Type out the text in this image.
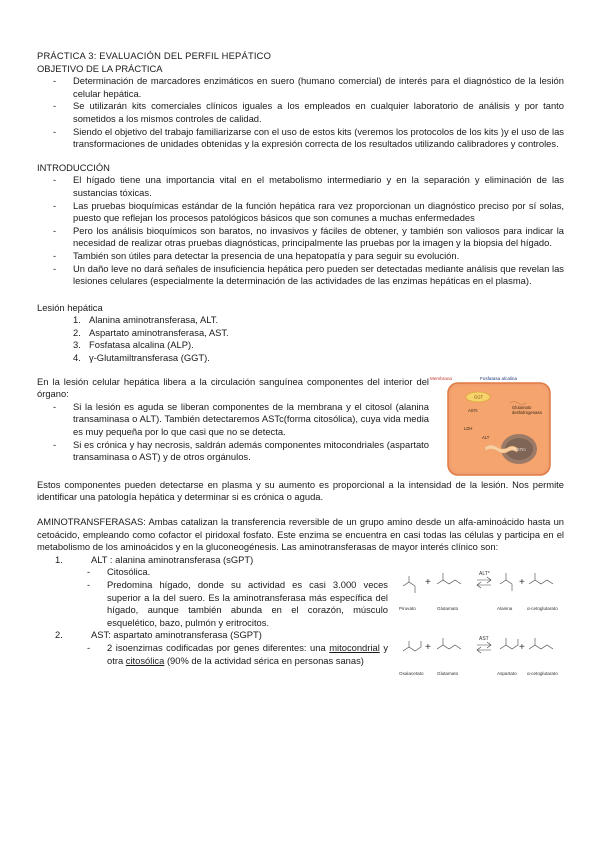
PRÁCTICA 3: EVALUACIÓN DEL PERFIL HEPÁTICO

OBJETIVO DE LA PRÁCTICA

- Determinación de marcadores enzimáticos en suero (humano comercial) de interés para el diagnóstico de la lesión celular hepática.
- Se utilizarán kits comerciales clínicos iguales a los empleados en cualquier laboratorio de análisis y por tanto sometidos a los mismos controles de calidad.
- Siendo el objetivo del trabajo familiarizarse con el uso de estos kits (veremos los protocolos de los kits )y el uso de las transformaciones de unidades obtenidas y la expresión correcta de los resultados utilizando calibradores y controles.

INTRODUCCIÓN

- El hígado tiene una importancia vital en el metabolismo intermediario y en la separación y eliminación de las sustancias tóxicas.
- Las pruebas bioquímicas estándar de la función hepática rara vez proporcionan un diagnóstico preciso por sí solas, puesto que reflejan los procesos patológicos básicos que son comunes a muchas enfermedades
- Pero los análisis bioquímicos son baratos, no invasivos y fáciles de obtener, y también son valiosos para indicar la necesidad de realizar otras pruebas diagnósticas, principalmente las pruebas por la imagen y la biopsia del hígado.
- También son útiles para detectar la presencia de una hepatopatía y para seguir su evolución.
- Un daño leve no dará señales de insuficiencia hepática pero pueden ser detectadas mediante análisis que revelan las lesiones celulares (especialmente la determinación de las actividades de las enzimas hepáticas en el plasma).

Lesión hepática

1. Alanina aminotransferasa, ALT.
2. Aspartato aminotransferasa, AST.
3. Fosfatasa alcalina (ALP).
4. γ-Glutamiltransferasa (GGT).

En la lesión celular hepática libera a la circulación sanguínea componentes del interior del órgano:

- Si la lesión es aguda se liberan componentes de la membrana y el citosol (alanina transaminasa o ALT). También detectaremos ASTc(forma citosólica), cuya vida media es muy pequeña por lo que casi que no se detecta.
- Si es crónica y hay necrosis, saldrán además componentes mitocondriales (aspartato transaminasa o AST) y de otros orgánulos.
Membrana	Fosfatasa alcalina
GGT
ASTc
Glutamato
deshidrogenasa
LDH
ALT
ASTm

Estos componentes pueden detectarse en plasma y su aumento es proporcional a la intensidad de la lesión. Nos permite identificar una patología hepática y determinar si es crónica o aguda.

AMINOTRANSFERASAS: Ambas catalizan la transferencia reversible de un grupo amino desde un alfa-aminoácido hasta un cetoácido, empleando como cofactor el piridoxal fosfato. Este enzima se encuentra en casi todas las células y participa en el metabolismo de los aminoácidos y en la gluconeogénesis. Las aminotransferasas de mayor interés clínico son:

1.	ALT : alanina aminotransferasa (sGPT)
- Citosólica.
- Predomina hígado, donde su actividad es casi 3.000 veces superior a la del suero. Es la aminotransferasa más específica del hígado, aunque también abunda en el corazón, músculo esquelético, bazo, pulmón y eritrocitos.
+	+
ALT*
Piruvato	Glutamato	Alanina	α-cetoglutarato
2.	AST: aspartato aminotransferasa (SGPT)
- 2 isoenzimas codificadas por genes diferentes: una mitocondrial y otra citosólica (90% de la actividad sérica en personas sanas)
+	+
AST
Oxalacetato	Glutamato	Aspartato α-cetoglutarato
